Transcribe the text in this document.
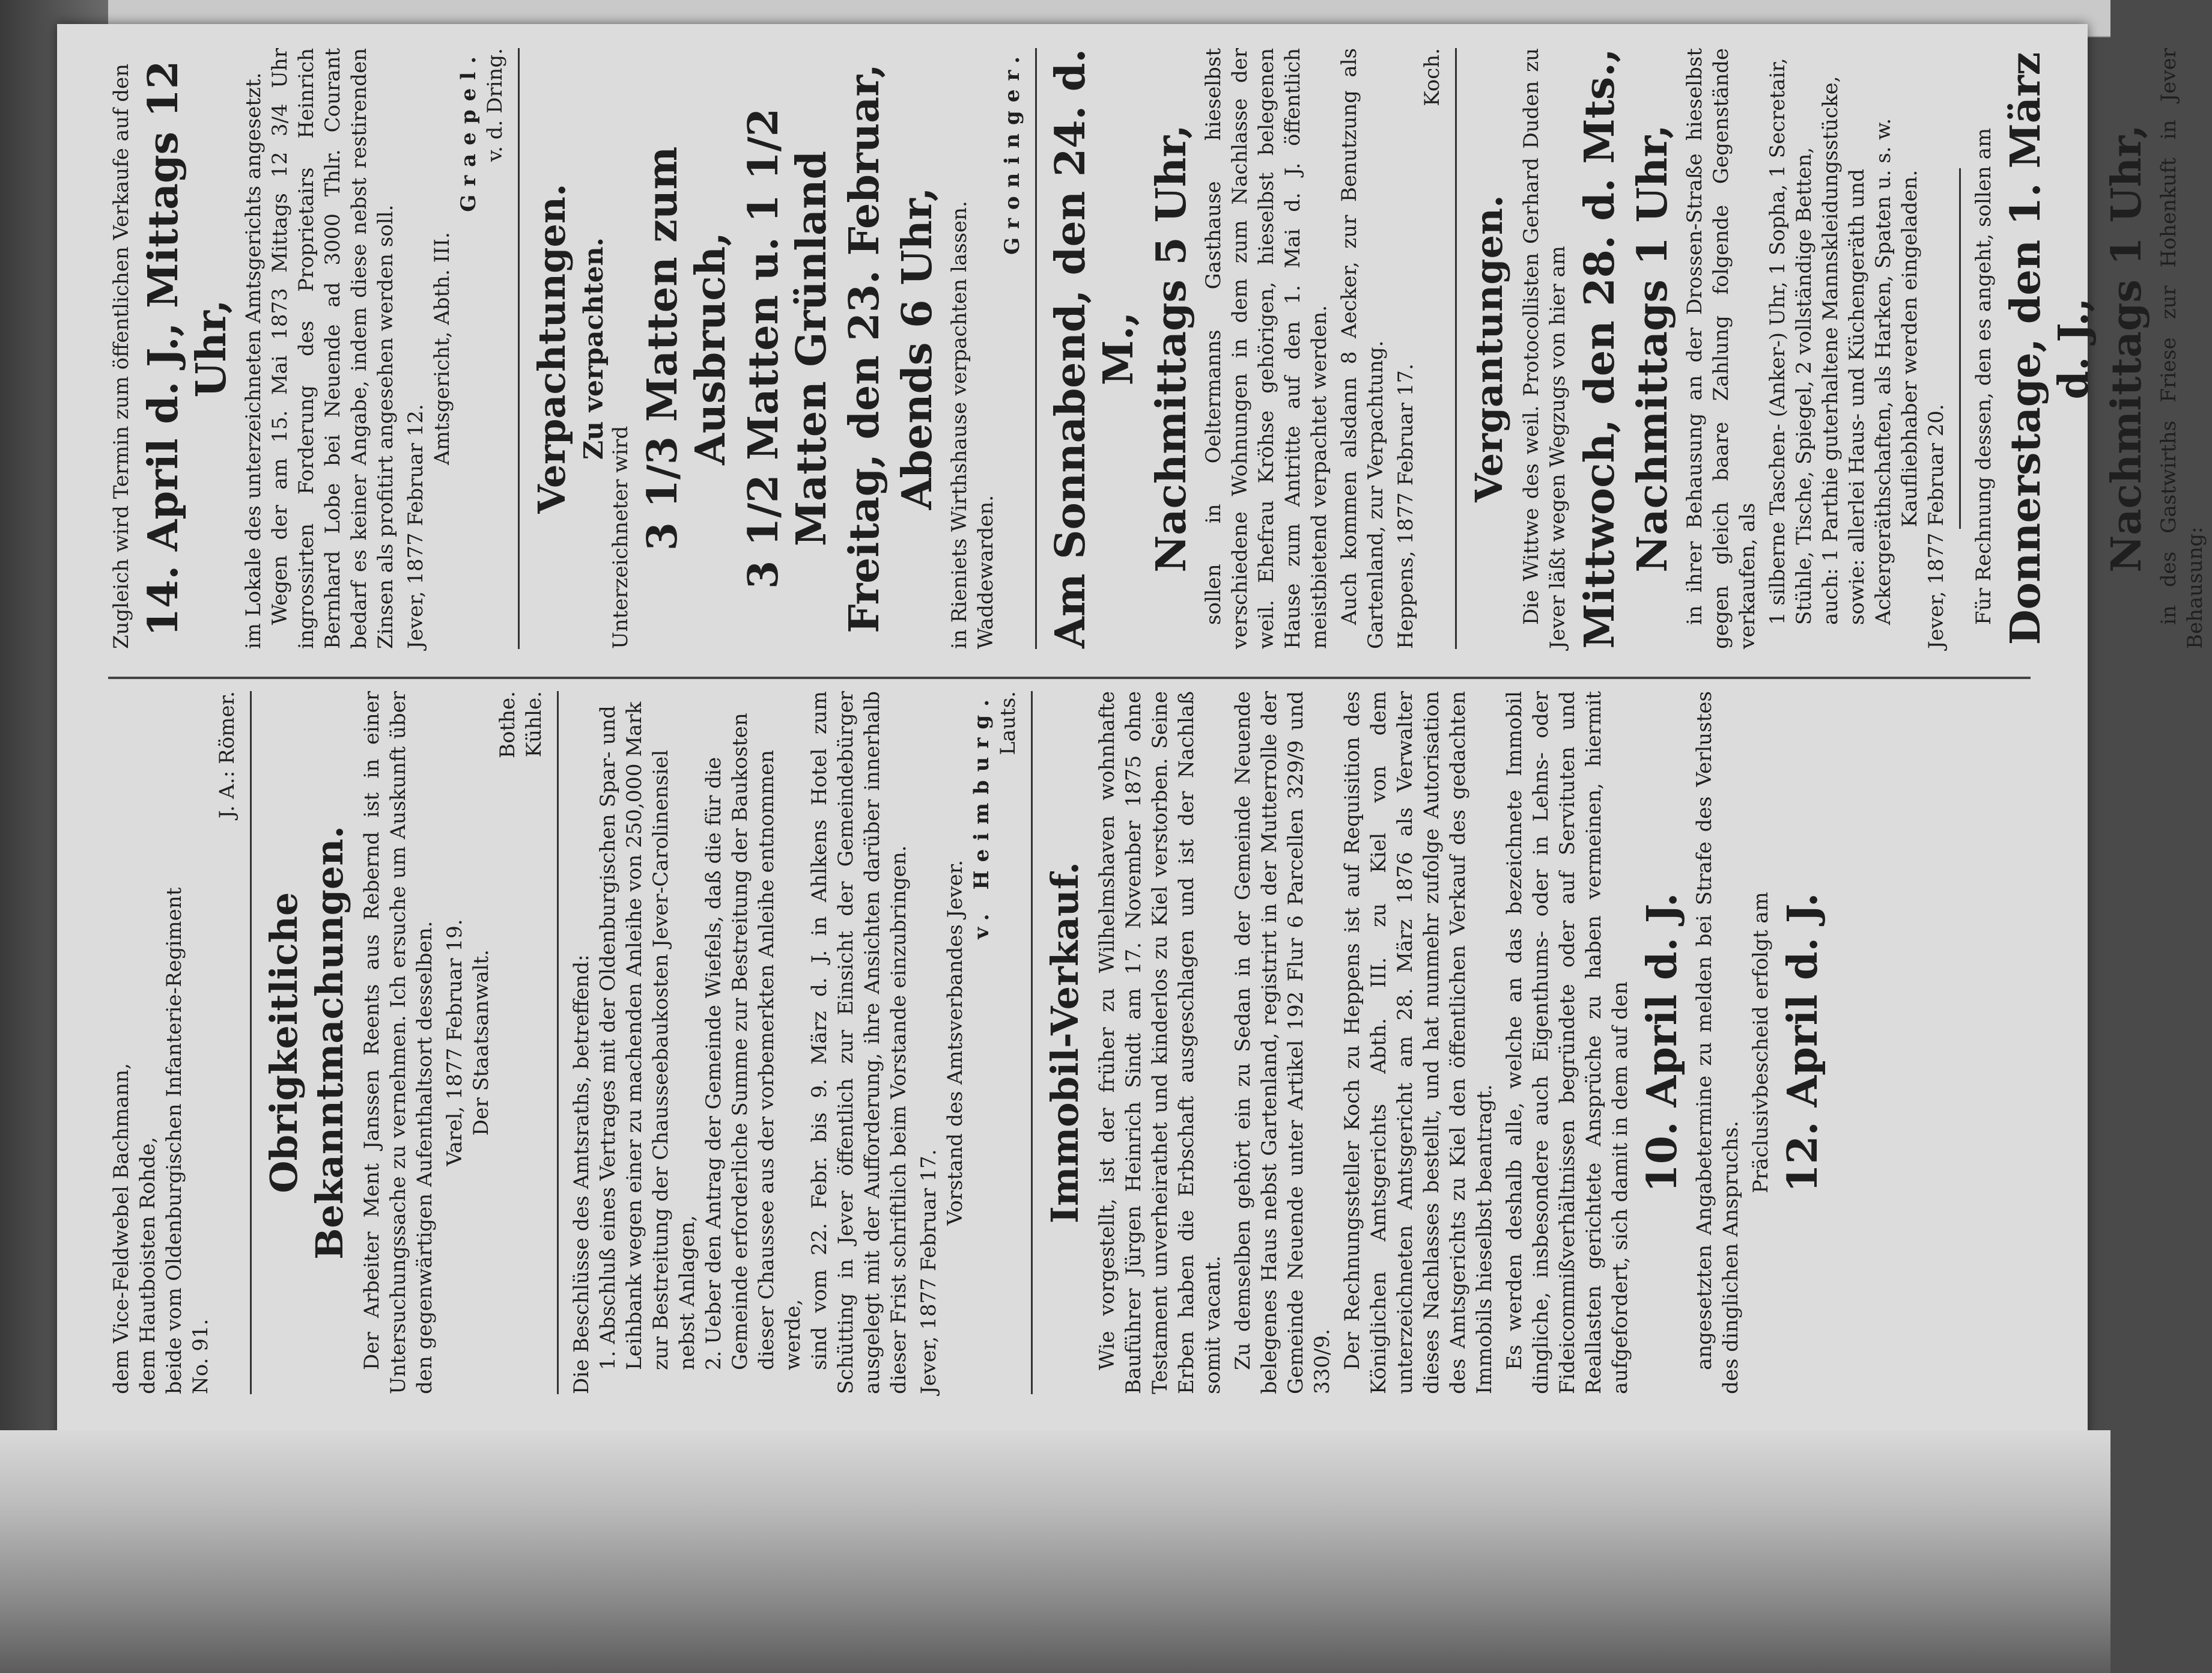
dem Vice-Feldwebel Bachmann, dem Hautboisten Rohde, beide vom Oldenburgischen Infanterie-Regiment No. 91.
J. A.: Römer.
Obrigkeitliche Bekanntmachungen. Der Arbeiter Ment Janssen Reents aus Rebernd ist in einer Untersuchungssache zu vernehmen. Ich ersuche um Auskunft über den gegenwärtigen Aufenthaltsort desselben. Varel, 1877 Februar 19. Der Staatsanwalt.
Bothe. Kühle.
Die Beschlüsse des Amtsraths, betreffend: 1. Abschluß eines Vertrages mit der Oldenburgischen Spar- und Leihbank wegen einer zu machenden Anleihe von 250,000 Mark zur Bestreitung der Chausseebaukosten Jever-Carolinensiel nebst Anlagen, 2. Ueber den Antrag der Gemeinde Wiefels, daß die für die Gemeinde erforderliche Summe zur Bestreitung der Baukosten dieser Chaussee aus der vorbemerkten Anleihe entnommen werde, sind vom 22. Febr. bis 9. März d. J. in Ahlkens Hotel zum Schütting in Jever öffentlich zur Einsicht der Gemeindebürger ausgelegt mit der Aufforderung, ihre Ansichten darüber innerhalb dieser Frist schriftlich beim Vorstande einzubringen. Jever, 1877 Februar 17.
Vorstand des Amtsverbandes Jever.
v. Heimburg. Lauts.
Immobil-Verkauf. Wie vorgestellt, ist der früher zu Wilhelmshaven wohnhafte Bauführer Jürgen Heinrich Sindt am 17. November 1875 ohne Testament unverheirathet und kinderlos zu Kiel verstorben. Seine Erben haben die Erbschaft ausgeschlagen und ist der Nachlaß somit vacant. Zu demselben gehört ein zu Sedan in der Gemeinde Neuende belegenes Haus nebst Gartenland, registrirt in der Mutterrolle der Gemeinde Neuende unter Artikel 192 Flur 6 Parcellen 329/9 und 330/9. Der Rechnungssteller Koch zu Heppens ist auf Requisition des Königlichen Amtsgerichts Abth. III. zu Kiel von dem unterzeichneten Amtsgericht am 28. März 1876 als Verwalter dieses Nachlasses bestellt, und hat nunmehr zufolge Autorisation des Amtsgerichts zu Kiel den öffentlichen Verkauf des gedachten Immobils hieselbst beantragt. Es werden deshalb alle, welche an das bezeichnete Immobil dingliche, insbesondere auch Eigenthums- oder in Lehns- oder Fideicommißverhältnissen begründete oder auf Servituten und Reallasten gerichtete Ansprüche zu haben vermeinen, hiermit aufgefordert, sich damit in dem auf den 10. April d. J. angesetzten Angabetermine zu melden bei Strafe des Verlustes des dinglichen Anspruchs.

Präclusivbescheid erfolgt am 12. April d. J.
Zugleich wird Termin zum öffentlichen Verkaufe auf den 14. April d. J., Mittags 12 Uhr, im Lokale des unterzeichneten Amtsgerichts angesetzt. Wegen der am 15. Mai 1873 Mittags 12 3/4 Uhr ingrossirten Forderung des Proprietairs Heinrich Bernhard Lobe bei Neuende ad 3000 Thlr. Courant bedarf es keiner Angabe, indem diese nebst restirenden Zinsen als profitirt angesehen werden soll. Jever, 1877 Februar 12.
Amtsgericht, Abth. III.
Graepel. v. d. Dring.
Verpachtungen. Zu verpachten.
Unterzeichneter wird 3 1/3 Matten zum Ausbruch, 3 1/2 Matten u. 1 1/2 Matten Grünland Freitag, den 23. Februar, Abends 6 Uhr, in Rieniets Wirthshause verpachten lassen. Waddewarden.
Groninger. Am Sonnabend, den 24. d. M., Nachmittags 5 Uhr, sollen in Oeltermanns Gasthause hieselbst verschiedene Wohnungen in dem zum Nachlasse der weil. Ehefrau Kröhse gehörigen, hieselbst belegenen Hause zum Antritte auf den 1. Mai d. J. öffentlich meistbietend verpachtet werden. Auch kommen alsdann 8 Aecker, zur Benutzung als Gartenland, zur Verpachtung. Heppens, 1877 Februar 17.
Koch.
Vergantungen. Die Wittwe des weil. Protocollisten Gerhard Duden zu Jever läßt wegen Wegzugs von hier am Mittwoch, den 28. d. Mts., Nachmittags 1 Uhr, in ihrer Behausung an der Drossen-Straße hieselbst gegen gleich baare Zahlung folgende Gegenstände verkaufen, als 1 silberne Taschen- (Anker-) Uhr, 1 Sopha, 1 Secretair, Stühle, Tische, Spiegel, 2 vollständige Betten, auch: 1 Parthie guterhaltene Mannskleidungsstücke, sowie: allerlei Haus- und Küchengeräth und Ackergeräthschaften, als Harken, Spaten u. s. w. Kaufliebhaber werden eingeladen. Jever, 1877 Februar 20. Für Rechnung dessen, den es angeht, sollen am Donnerstage, den 1. März d. J., Nachmittags 1 Uhr, in des Gastwirths Friese zur Hohenkuft in Jever Behausung:
